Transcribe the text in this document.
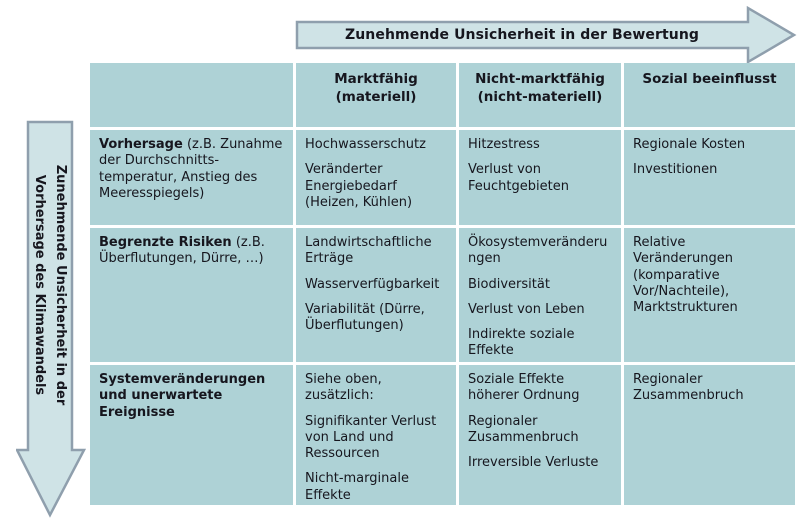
Zunehmende Unsicherheit in der Bewertung
Zunehmende Unsicherheit in der
Vorhersage des Klimawandels
Marktfähig (materiell)
Nicht-marktfähig (nicht-materiell)
Sozial beeinflusst
Vorhersage (z.B. Zunahme der Durchschnitts-temperatur, Anstieg des Meeresspiegels)

Hochwasserschutz

Veränderter Energiebedarf (Heizen, Kühlen)

Hitzestress

Verlust von Feuchtgebieten

Regionale Kosten

Investitionen

Begrenzte Risiken (z.B. Überflutungen, Dürre, …)

Landwirtschaftliche Erträge

Wasserverfügbarkeit

Variabilität (Dürre, Überflutungen)

Ökosystemveränderungen

Biodiversität

Verlust von Leben

Indirekte soziale Effekte

Relative Veränderungen (komparative Vor/Nachteile), Marktstrukturen

Systemveränderungen und unerwartete Ereignisse

Siehe oben, zusätzlich:

Signifikanter Verlust von Land und Ressourcen

Nicht-marginale Effekte

Soziale Effekte höherer Ordnung

Regionaler Zusammenbruch

Irreversible Verluste

Regionaler Zusammenbruch
